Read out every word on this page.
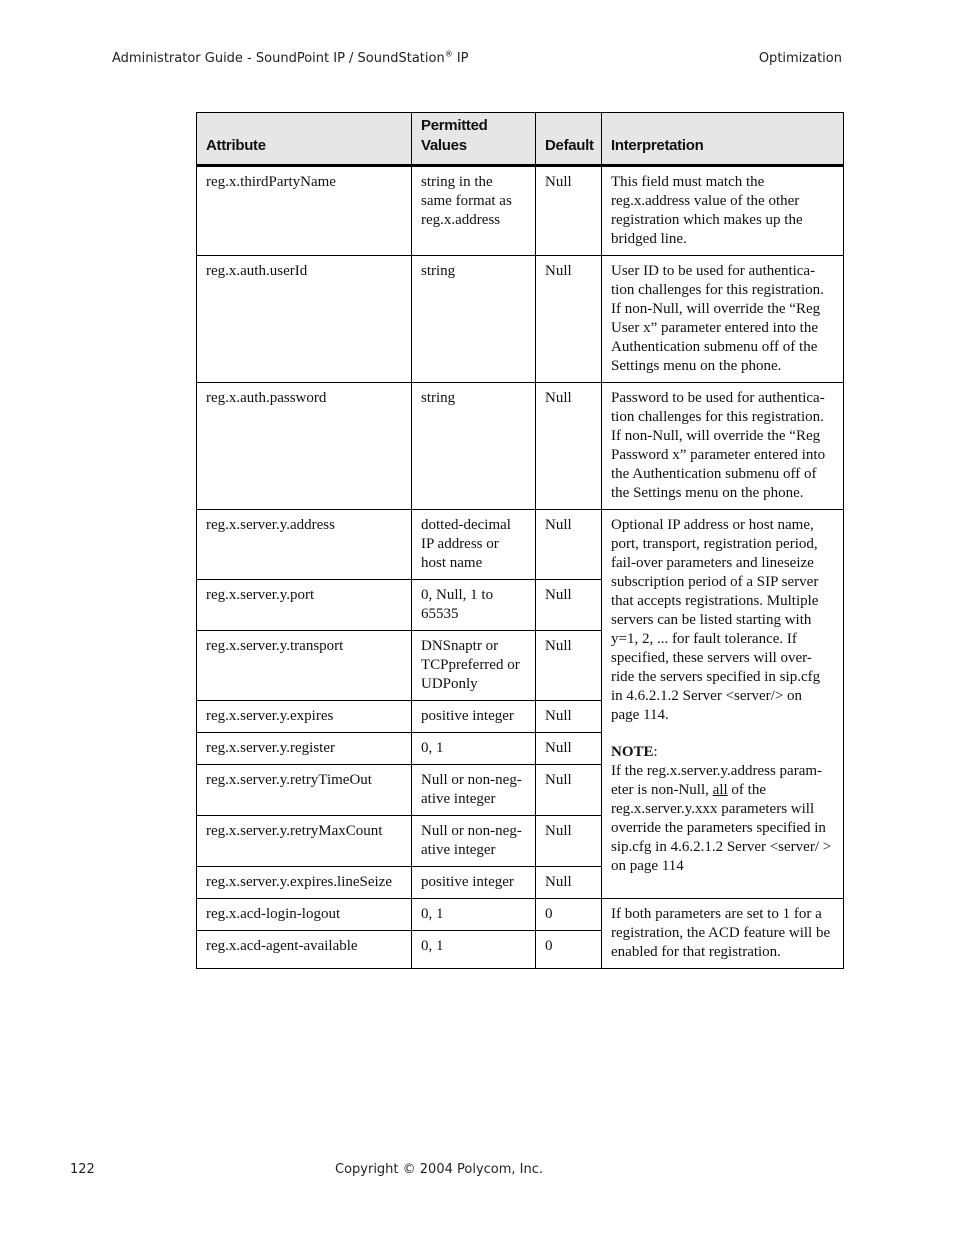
Administrator Guide - SoundPoint IP / SoundStation® IP	Optimization
Attribute	Permitted Values	Default	Interpretation
reg.x.thirdPartyName	string in the same format as reg.x.address	Null	This field must match the reg.x.address value of the other registration which makes up the bridged line.
reg.x.auth.userId	string	Null	User ID to be used for authentica-tion challenges for this registration. If non-Null, will override the “Reg User x” parameter entered into the Authentication submenu off of the Settings menu on the phone.
reg.x.auth.password	string	Null	Password to be used for authentica-tion challenges for this registration. If non-Null, will override the “Reg Password x” parameter entered into the Authentication submenu off of the Settings menu on the phone.
reg.x.server.y.address	dotted-decimal IP address or host name	Null	Optional IP address or host name, port, transport, registration period, fail-over parameters and lineseize subscription period of a SIP server that accepts registrations. Multiple servers can be listed starting with y=1, 2, ... for fault tolerance. If specified, these servers will over-ride the servers specified in sip.cfg in 4.6.2.1.2 Server <server/> on page 114.
NOTE:
If the reg.x.server.y.address param-eter is non-Null, all of the reg.x.server.y.xxx parameters will override the parameters specified in sip.cfg in 4.6.2.1.2 Server <server/ > on page 114

reg.x.server.y.port	0, Null, 1 to 65535	Null	
reg.x.server.y.transport	DNSnaptr or TCPpreferred or UDPonly	Null	
reg.x.server.y.expires	positive integer	Null	
reg.x.server.y.register	0, 1	Null	
reg.x.server.y.retryTimeOut	Null or non-neg-ative integer	Null	
reg.x.server.y.retryMaxCount	Null or non-neg-ative integer	Null	
reg.x.server.y.expires.lineSeize	positive integer	Null	
reg.x.acd-login-logout	0, 1	0	If both parameters are set to 1 for a registration, the ACD feature will be enabled for that registration.
reg.x.acd-agent-available	0, 1	0	
122	Copyright © 2004 Polycom, Inc.
